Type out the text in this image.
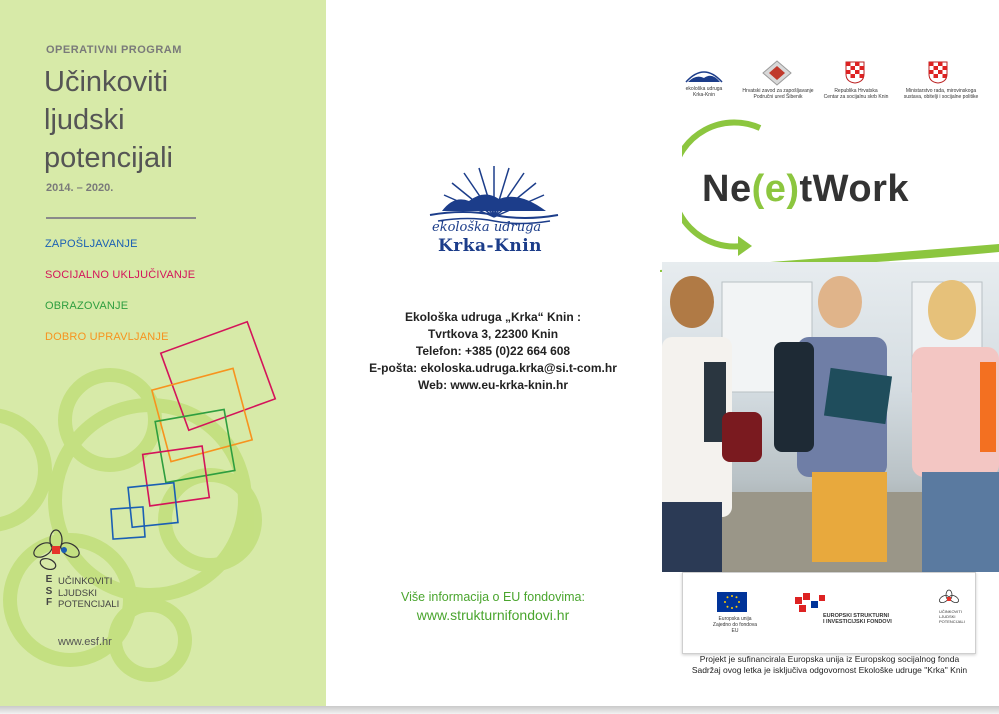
OPERATIVNI PROGRAM
Učinkoviti
ljudski
potencijali
2014. – 2020.
ZAPOŠLJAVANJE
SOCIJALNO UKLJUČIVANJE
OBRAZOVANJE
DOBRO UPRAVLJANJE
E
S
F
UČINKOVITI
LJUDSKI
POTENCIJALI
www.esf.hr
ekološka udruga
Krka-Knin
Ekološka udruga „Krka“ Knin :
Tvrtkova 3, 22300 Knin
Telefon: +385 (0)22 664 608
E-pošta: ekoloska.udruga.krka@si.t-com.hr
Web: www.eu-krka-knin.hr
Više informacija o EU fondovima:
www.strukturnifondovi.hr
ekološka udruga
Krka-Knin
Hrvatski zavod za zapošljavanje
Područni ured Šibenik
Republika Hrvatska
Centar za socijalnu skrb Knin
Ministarstvo rada, mirovinskoga
sustava, obitelji i socijalne politike
Ne(e)tWork
Europska unija
Zajedno do fondova EU
EUROPSKI STRUKTURNI
I INVESTICIJSKI FONDOVI
UČINKOVITI
LJUDSKI
POTENCIJALI
Projekt je sufinancirala Europska unija iz Europskog socijalnog fonda
Sadržaj ovog letka je isključiva odgovornost Ekološke udruge "Krka" Knin
